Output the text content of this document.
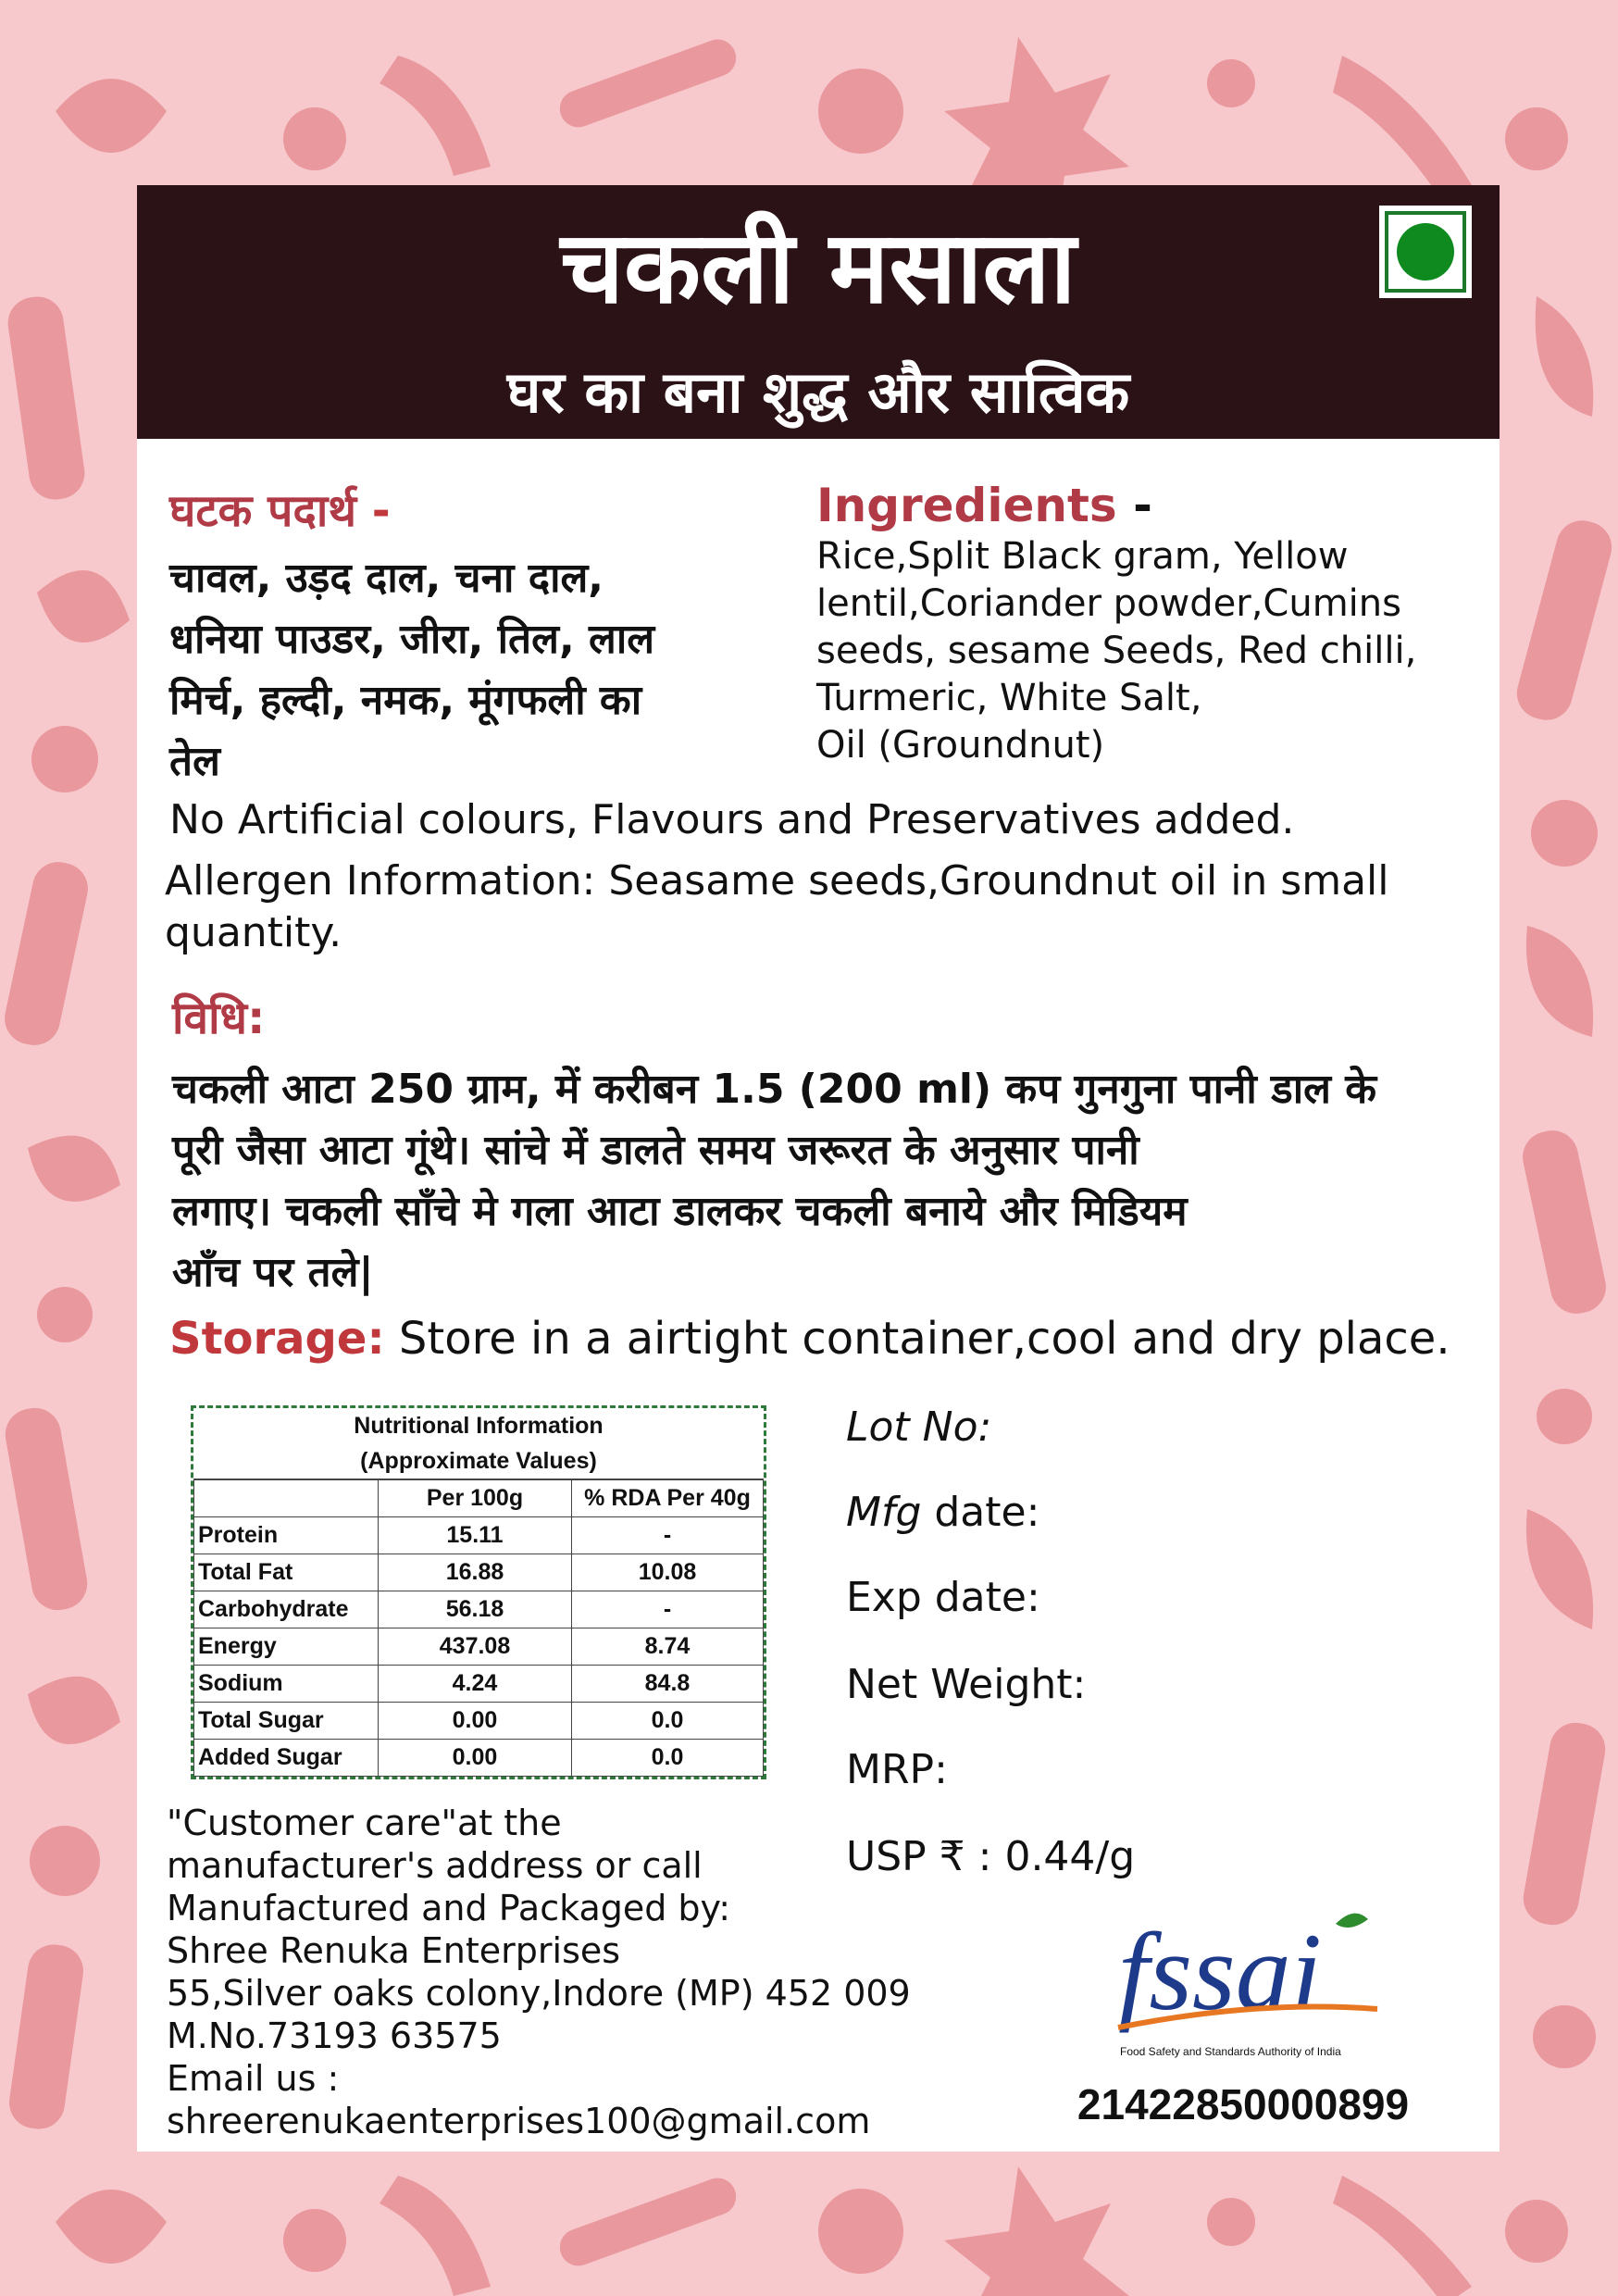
चकली मसाला
घर का बना शुद्ध और सात्विक
घटक पदार्थ -
चावल, उड़द दाल, चना दाल,
धनिया पाउडर, जीरा, तिल, लाल
मिर्च, हल्दी, नमक, मूंगफली का
तेल
Ingredients -
Rice,Split Black gram, Yellow
lentil,Coriander powder,Cumins
seeds, sesame Seeds, Red chilli,
Turmeric, White Salt,
Oil (Groundnut)
No Artificial colours, Flavours and Preservatives added.
Allergen Information: Seasame seeds,Groundnut oil in small
quantity.
विधि:
चकली आटा 250 ग्राम, में करीबन 1.5 (200 ml) कप गुनगुना पानी डाल के
पूरी जैसा आटा गूंथे। सांचे में डालते समय जरूरत के अनुसार पानी
लगाए। चकली साँचे मे गला आटा डालकर चकली बनाये और मिडियम
आँच पर तले|
Storage: Store in a airtight container,cool and dry place.
Nutritional Information
(Approximate Values)
	Per 100g	% RDA Per 40g
Protein	15.11	-
Total Fat	16.88	10.08
Carbohydrate	56.18	-
Energy	437.08	8.74
Sodium	4.24	84.8
Total Sugar	0.00	0.0
Added Sugar	0.00	0.0
Lot No:
Mfg date:
Exp date:
Net Weight:
MRP:
USP ₹ : 0.44/g
"Customer care"at the
manufacturer's address or call
Manufactured and Packaged by:
Shree Renuka Enterprises
55,Silver oaks colony,Indore (MP) 452 009
M.No.73193 63575
Email us :
shreerenukaenterprises100@gmail.com
fssai
Food Safety and Standards Authority of India
21422850000899
